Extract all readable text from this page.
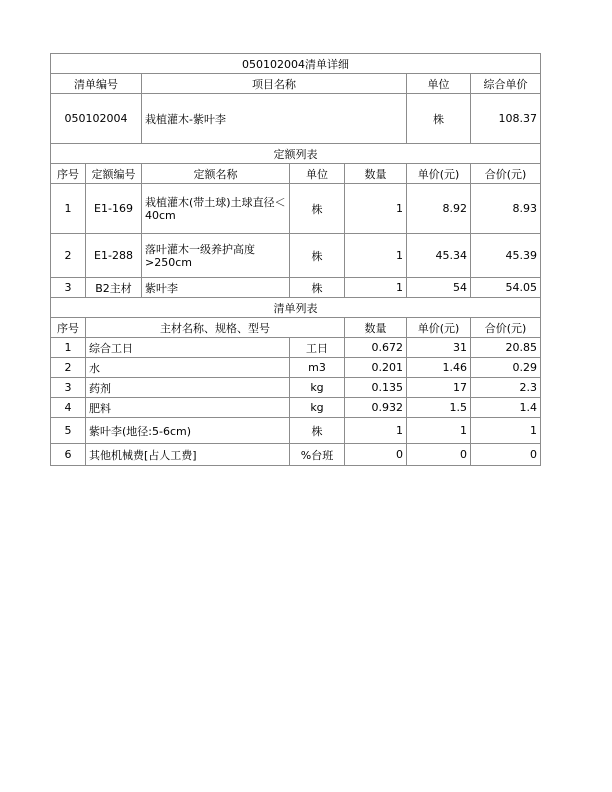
050102004清单详细						
清单编号		项目名称			单位	综合单价
050102004		栽植灌木-紫叶李			株	108.37
定额列表						
序号	定额编号	定额名称	单位	数量	单价(元)	合价(元)
1	E1-169	栽植灌木(带土球)土球直径＜40cm	株	1	8.92	8.93
2	E1-288	落叶灌木一级养护高度>250cm	株	1	45.34	45.39
3	B2主材	紫叶李	株	1	54	54.05
清单列表						
序号	主材名称、规格、型号			数量	单价(元)	合价(元)
1	综合工日		工日	0.672	31	20.85
2	水		m3	0.201	1.46	0.29
3	药剂		kg	0.135	17	2.3
4	肥料		kg	0.932	1.5	1.4
5	紫叶李(地径:5-6cm)		株	1	1	1
6	其他机械费[占人工费]		%台班	0	0	0
